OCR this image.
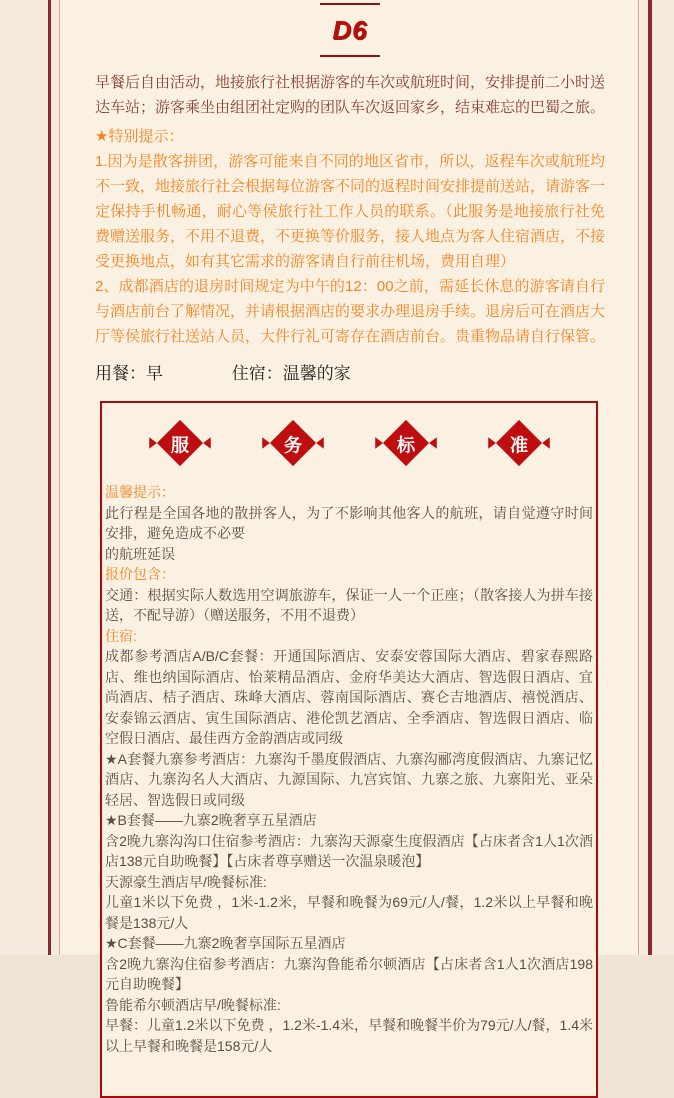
D6

早餐后自由活动，地接旅行社根据游客的车次或航班时间，安排提前二小时送达车站；游客乘坐由组团社定购的团队车次返回家乡，结束难忘的巴蜀之旅。

★特别提示：

1.因为是散客拼团，游客可能来自不同的地区省市，所以，返程车次或航班均不一致，地接旅行社会根据每位游客不同的返程时间安排提前送站，请游客一定保持手机畅通，耐心等侯旅行社工作人员的联系。（此服务是地接旅行社免费赠送服务，不用不退费，不更换等价服务，接人地点为客人住宿酒店，不接受更换地点，如有其它需求的游客请自行前往机场，费用自理）

2、成都酒店的退房时间规定为中午的12：00之前，需延长休息的游客请自行与酒店前台了解情况，并请根据酒店的要求办理退房手续。退房后可在酒店大厅等侯旅行社送站人员，大件行礼可寄存在酒店前台。贵重物品请自行保管。

用餐：早	住宿：温馨的家
服	务	标	准

温馨提示：

此行程是全国各地的散拼客人，为了不影响其他客人的航班，请自觉遵守时间安排，避免造成不必要

的航班延误

报价包含：

交通：根据实际人数选用空调旅游车，保证一人一个正座；（散客接人为拼车接送，不配导游）（赠送服务，不用不退费）

住宿:

成都参考酒店A/B/C套餐：开通国际酒店、安泰安蓉国际大酒店、碧家春熙路店、维也纳国际酒店、怡莱精品酒店、金府华美达大酒店、智选假日酒店、宜尚酒店、桔子酒店、珠峰大酒店、蓉南国际酒店、赛仑吉地酒店、禧悦酒店、安泰锦云酒店、寅生国际酒店、港伦凯艺酒店、全季酒店、智选假日酒店、临空假日酒店、最佳西方金韵酒店或同级

★A套餐九寨参考酒店：九寨沟千墨度假酒店、九寨沟郦湾度假酒店、九寨记忆酒店、九寨沟名人大酒店、九源国际、九宫宾馆、九寨之旅、九寨阳光、亚朵轻居、智选假日或同级

★B套餐——九寨2晚奢享五星酒店

含2晚九寨沟沟口住宿参考酒店：九寨沟天源豪生度假酒店【占床者含1人1次酒店138元自助晚餐】【占床者尊享赠送一次温泉暖泡】

天源豪生酒店早/晚餐标准:

儿童1米以下免费 ，1米-1.2米，早餐和晚餐为69元/人/餐，1.2米以上早餐和晚餐是138元/人

★C套餐——九寨2晚奢享国际五星酒店

含2晚九寨沟住宿参考酒店：九寨沟鲁能希尔顿酒店【占床者含1人1次酒店198元自助晚餐】

鲁能希尔顿酒店早/晚餐标准:

早餐：儿童1.2米以下免费 ，1.2米-1.4米，早餐和晚餐半价为79元/人/餐，1.4米以上早餐和晚餐是158元/人
